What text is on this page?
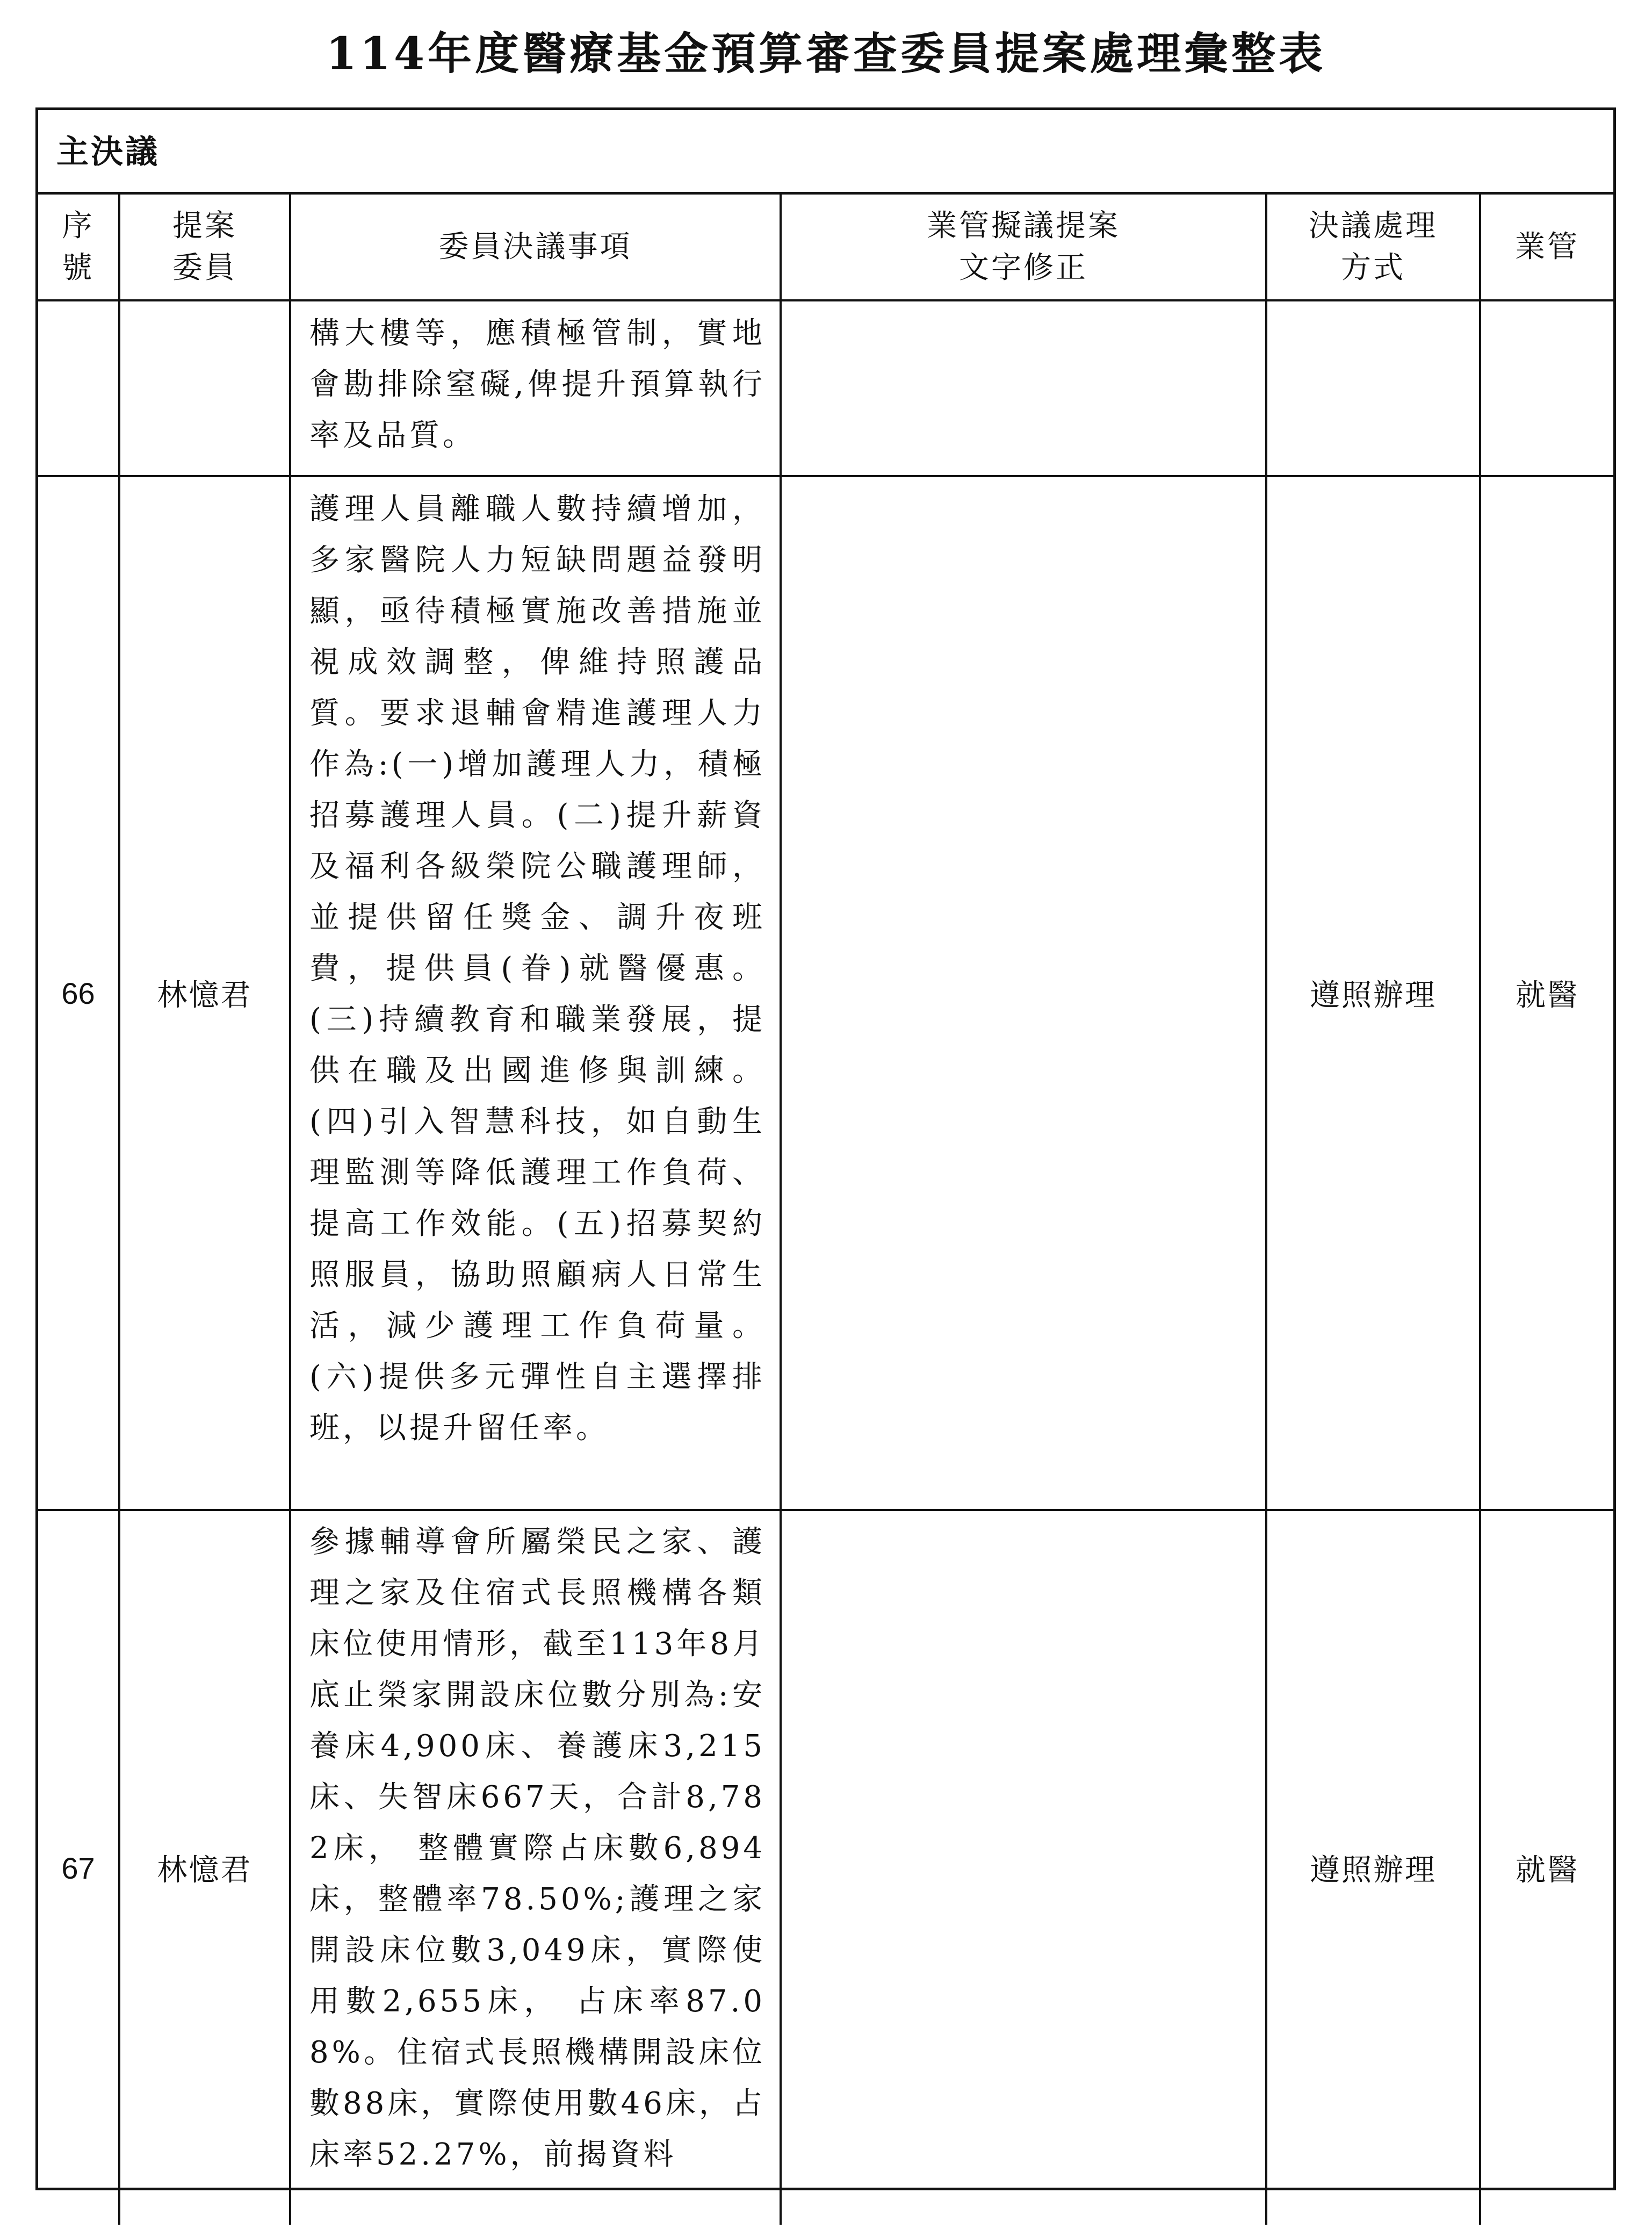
114年度醫療基金預算審查委員提案處理彙整表
主決議
序號	提案委員	委員決議事項	業管擬議提案文字修正	決議處理方式	業管
		構大樓等，應積極管制，實地會勘排除窒礙,俾提升預算執行率及品質。			
66	林憶君	護理人員離職人數持續增加，多家醫院人力短缺問題益發明顯，亟待積極實施改善措施並視成效調整，俾維持照護品質。要求退輔會精進護理人力作為:(一)增加護理人力，積極招募護理人員。(二)提升薪資及福利各級榮院公職護理師，並提供留任獎金、調升夜班費，提供員(眷)就醫優惠。(三)持續教育和職業發展，提供在職及出國進修與訓練。(四)引入智慧科技，如自動生理監測等降低護理工作負荷、提高工作效能。(五)招募契約照服員，協助照顧病人日常生活，減少護理工作負荷量。(六)提供多元彈性自主選擇排班，以提升留任率。		遵照辦理	就醫
67	林憶君	參據輔導會所屬榮民之家、護理之家及住宿式長照機構各類床位使用情形，截至113年8月底止榮家開設床位數分別為:安養床4,900床、養護床3,215床、失智床667天，合計8,782床， 整體實際占床數6,894床，整體率78.50%;護理之家開設床位數3,049床，實際使用數2,655床， 占床率87.08%。住宿式長照機構開設床位數88床，實際使用數46床，占床率52.27%，前揭資料		遵照辦理	就醫
